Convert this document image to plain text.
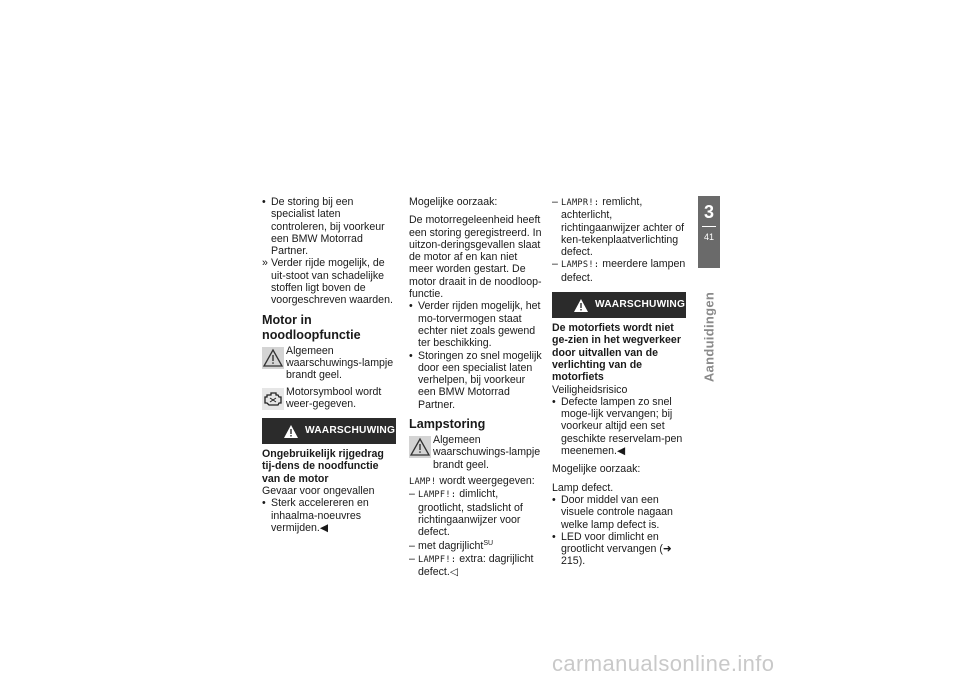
• De storing bij een specialist laten controleren, bij voorkeur een BMW Motorrad Partner.

» Verder rijde mogelijk, de uit-stoot van schadelijke stoffen ligt boven de voorgeschreven waarden.

Motor in noodloopfunctie

Algemeen waarschuwings-lampje brandt geel.

Motorsymbool wordt weer-gegeven.

WAARSCHUWING

Ongebruikelijk rijgedrag tij-dens de noodfunctie van de motor

Gevaar voor ongevallen

• Sterk accelereren en inhaalma-noeuvres vermijden.◀

Mogelijke oorzaak:

De motorregeleenheid heeft een storing geregistreerd. In uitzon-deringsgevallen slaat de motor af en kan niet meer worden gestart. De motor draait in de noodloop-functie.

• Verder rijden mogelijk, het mo-torvermogen staat echter niet zoals gewend ter beschikking.

• Storingen zo snel mogelijk door een specialist laten verhelpen, bij voorkeur een BMW Motorrad Partner.

Lampstoring

Algemeen waarschuwings-lampje brandt geel.

LAMP! wordt weergegeven:

– LAMPF!: dimlicht, grootlicht, stadslicht of richtingaanwijzer voor defect.

– met dagrijlicht$^{SU}$

– LAMPF!: extra: dagrijlicht defect.◁

– LAMPR!: remlicht, achterlicht, richtingaanwijzer achter of ken-tekenplaatverlichting defect.

– LAMPS!: meerdere lampen defect.

WAARSCHUWING

De motorfiets wordt niet ge-zien in het wegverkeer door uitvallen van de verlichting van de motorfiets

Veiligheidsrisico

• Defecte lampen zo snel moge-lijk vervangen; bij voorkeur altijd een set geschikte reservelam-pen meenemen.◀

Mogelijke oorzaak:

Lamp defect.

• Door middel van een visuele controle nagaan welke lamp defect is.

• LED voor dimlicht en grootlicht vervangen (➜ 215).

3
41
Aanduidingen
carmanualsonline.info
